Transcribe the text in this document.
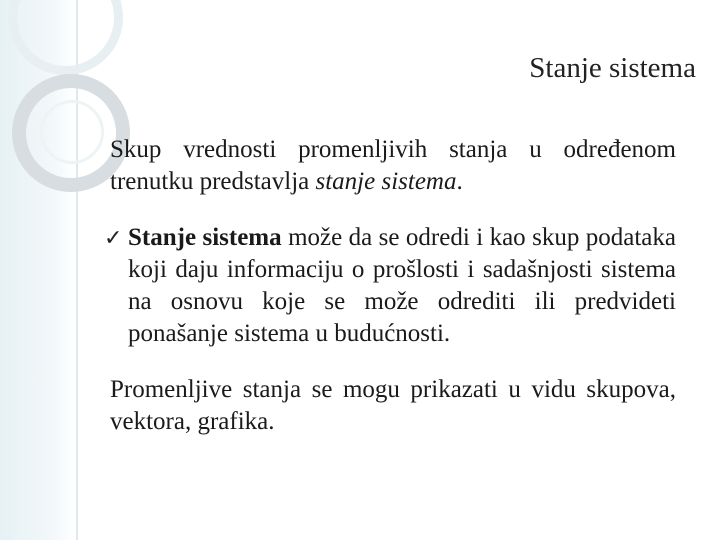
Stanje sistema

Skup vrednosti promenljivih stanja u određenom trenutku predstavlja stanje sistema.

✓ Stanje sistema može da se odredi i kao skup podataka koji daju informaciju o prošlosti i sadašnjosti sistema na osnovu koje se može odrediti ili predvideti ponašanje sistema u budućnosti.

Promenljive stanja se mogu prikazati u vidu skupova, vektora, grafika.
